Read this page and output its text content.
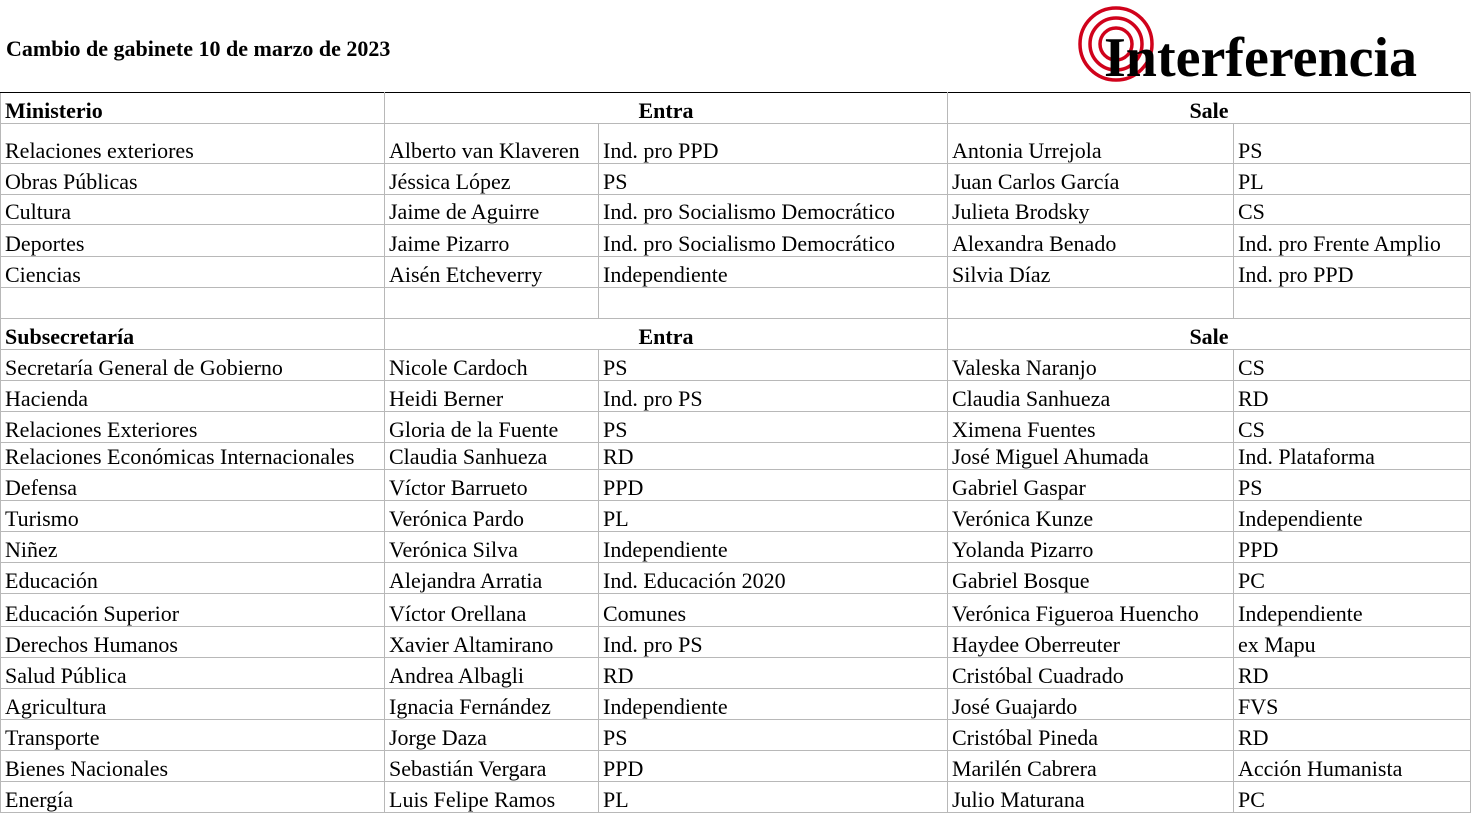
Cambio de gabinete 10 de marzo de 2023	Interferencia
Ministerio	Entra		Sale	
Relaciones exteriores	Alberto van Klaveren	Ind. pro PPD	Antonia Urrejola	PS
Obras Públicas	Jéssica López	PS	Juan Carlos García	PL
Cultura	Jaime de Aguirre	Ind. pro Socialismo Democrático	Julieta Brodsky	CS
Deportes	Jaime Pizarro	Ind. pro Socialismo Democrático	Alexandra Benado	Ind. pro Frente Amplio
Ciencias	Aisén Etcheverry	Independiente	Silvia Díaz	Ind. pro PPD

Subsecretaría	Entra		Sale	
Secretaría General de Gobierno	Nicole Cardoch	PS	Valeska Naranjo	CS
Hacienda	Heidi Berner	Ind. pro PS	Claudia Sanhueza	RD
Relaciones Exteriores	Gloria de la Fuente	PS	Ximena Fuentes	CS
Relaciones Económicas Internacionales	Claudia Sanhueza	RD	José Miguel Ahumada	Ind. Plataforma
Defensa	Víctor Barrueto	PPD	Gabriel Gaspar	PS
Turismo	Verónica Pardo	PL	Verónica Kunze	Independiente
Niñez	Verónica Silva	Independiente	Yolanda Pizarro	PPD
Educación	Alejandra Arratia	Ind. Educación 2020	Gabriel Bosque	PC
Educación Superior	Víctor Orellana	Comunes	Verónica Figueroa Huencho	Independiente
Derechos Humanos	Xavier Altamirano	Ind. pro PS	Haydee Oberreuter	ex Mapu
Salud Pública	Andrea Albagli	RD	Cristóbal Cuadrado	RD
Agricultura	Ignacia Fernández	Independiente	José Guajardo	FVS
Transporte	Jorge Daza	PS	Cristóbal Pineda	RD
Bienes Nacionales	Sebastián Vergara	PPD	Marilén Cabrera	Acción Humanista
Energía	Luis Felipe Ramos	PL	Julio Maturana	PC
